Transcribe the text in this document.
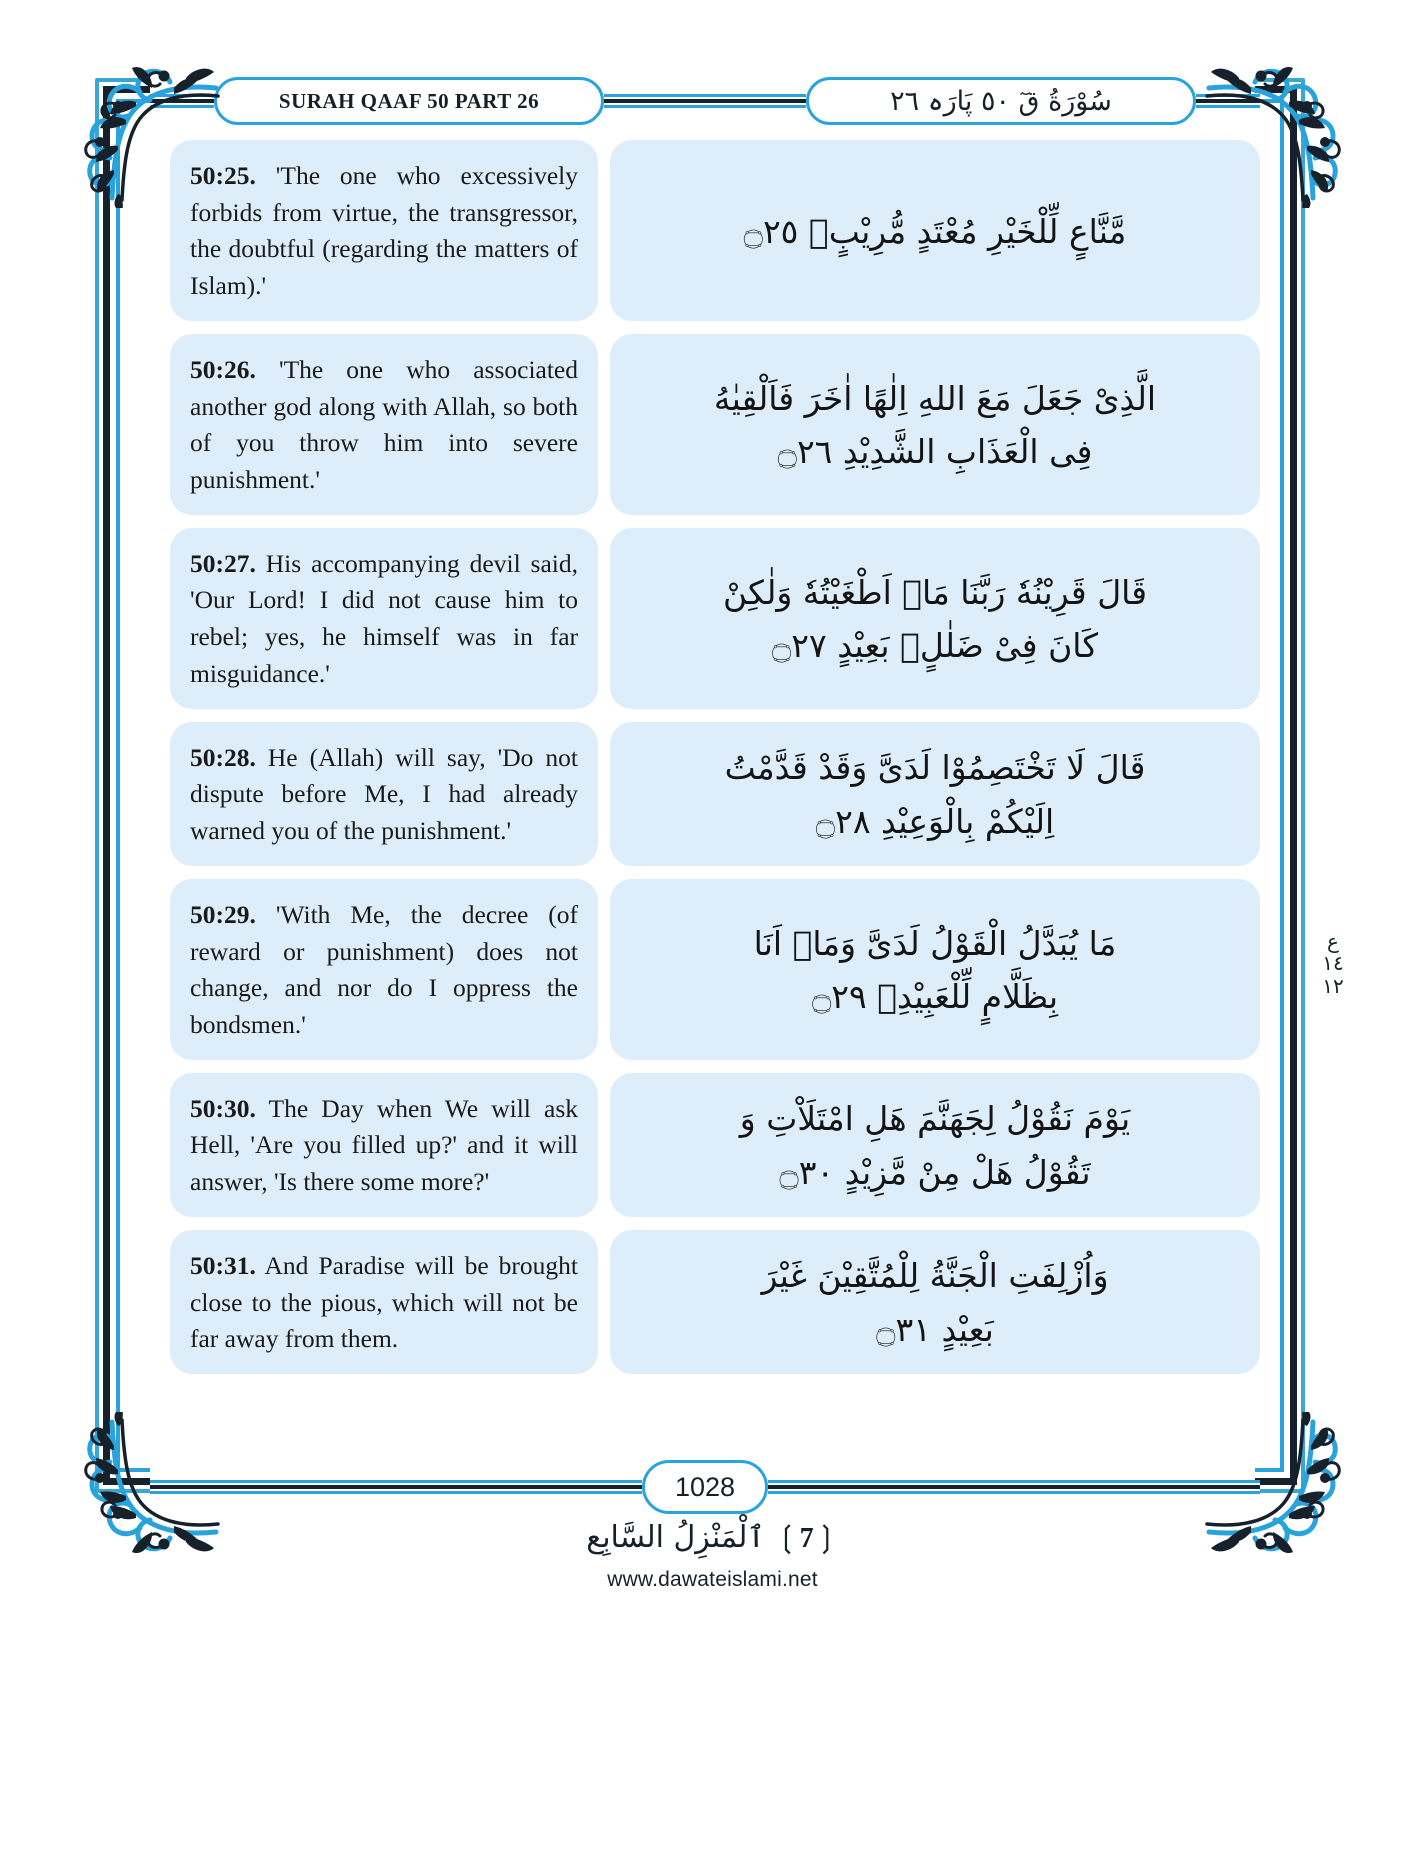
SURAH QAAF 50 PART 26	سُوْرَةُ قٓ ٥٠ پَارَہ ٢٦
50:25. 'The one who excessively forbids from virtue, the transgressor, the doubtful (regarding the matters of Islam).'
مَّنَّاعٍ لِّلْخَيْرِ مُعْتَدٍ مُّرِيْبٍۙ ۝٢٥
50:26. 'The one who associated another god along with Allah, so both of you throw him into severe punishment.'
الَّذِىْ جَعَلَ مَعَ اللهِ اِلٰهًا اٰخَرَ فَاَلْقِيٰهُ
فِى الْعَذَابِ الشَّدِيْدِ ۝٢٦
50:27. His accompanying devil said, 'Our Lord! I did not cause him to rebel; yes, he himself was in far misguidance.'
قَالَ قَرِيْنُهٗ رَبَّنَا مَاۤ اَطْغَيْتُهٗ وَلٰكِنْ
كَانَ فِىْ ضَلٰلٍۭ بَعِيْدٍ ۝٢٧
50:28. He (Allah) will say, 'Do not dispute before Me, I had already warned you of the punishment.'
قَالَ لَا تَخْتَصِمُوْا لَدَىَّ وَقَدْ قَدَّمْتُ
اِلَيْكُمْ بِالْوَعِيْدِ ۝٢٨
50:29. 'With Me, the decree (of reward or punishment) does not change, and nor do I oppress the bondsmen.'
مَا يُبَدَّلُ الْقَوْلُ لَدَىَّ وَمَاۤ اَنَا
بِظَلَّامٍ لِّلْعَبِيْدِؒ ۝٢٩
50:30. The Day when We will ask Hell, 'Are you filled up?' and it will answer, 'Is there some more?'
يَوْمَ نَقُوْلُ لِجَهَنَّمَ هَلِ امْتَلَاْتِ وَ
تَقُوْلُ هَلْ مِنْ مَّزِيْدٍ ۝٣٠
50:31. And Paradise will be brought close to the pious, which will not be far away from them.
وَاُزْلِفَتِ الْجَنَّةُ لِلْمُتَّقِيْنَ غَيْرَ
بَعِيْدٍ ۝٣١
ع
١٤
١٢
1028
❲7❳ ٱلْمَنْزِلُ السَّابِع
www.dawateislami.net
